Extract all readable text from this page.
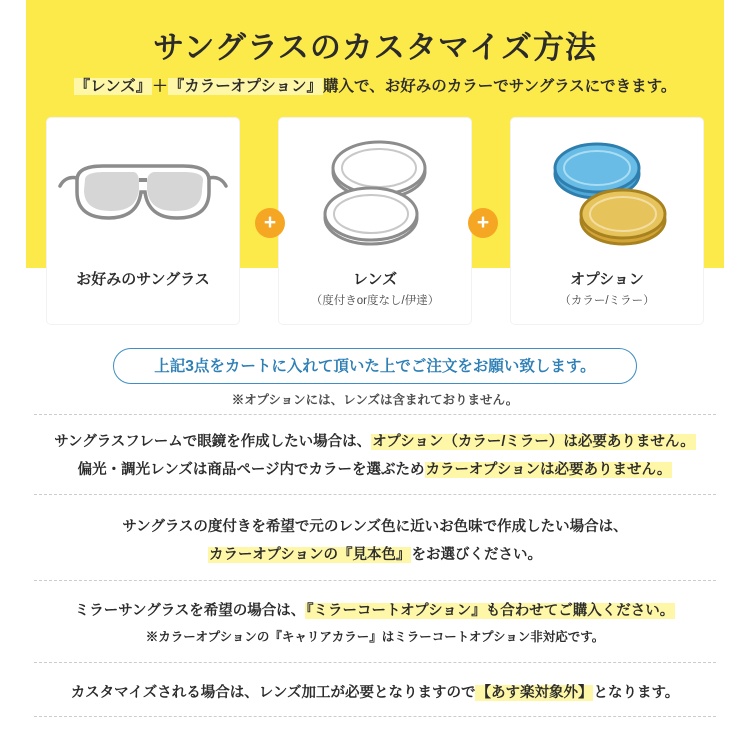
サングラスのカスタマイズ方法
『レンズ』＋『カラーオプション』購入で、お好みのカラーでサングラスにできます。
お好みのサングラス	レンズ
（度付きor度なし/伊達）
オプション
（カラー/ミラー）
+	+
上記3点をカートに入れて頂いた上でご注文をお願い致します。
※オプションには、レンズは含まれておりません。
サングラスフレームで眼鏡を作成したい場合は、オプション（カラー/ミラー）は必要ありません。
偏光・調光レンズは商品ページ内でカラーを選ぶためカラーオプションは必要ありません。
サングラスの度付きを希望で元のレンズ色に近いお色味で作成したい場合は、
カラーオプションの『見本色』をお選びください。
ミラーサングラスを希望の場合は、『ミラーコートオプション』も合わせてご購入ください。
※カラーオプションの『キャリアカラー』はミラーコートオプション非対応です。
カスタマイズされる場合は、レンズ加工が必要となりますので【あす楽対象外】となります。
